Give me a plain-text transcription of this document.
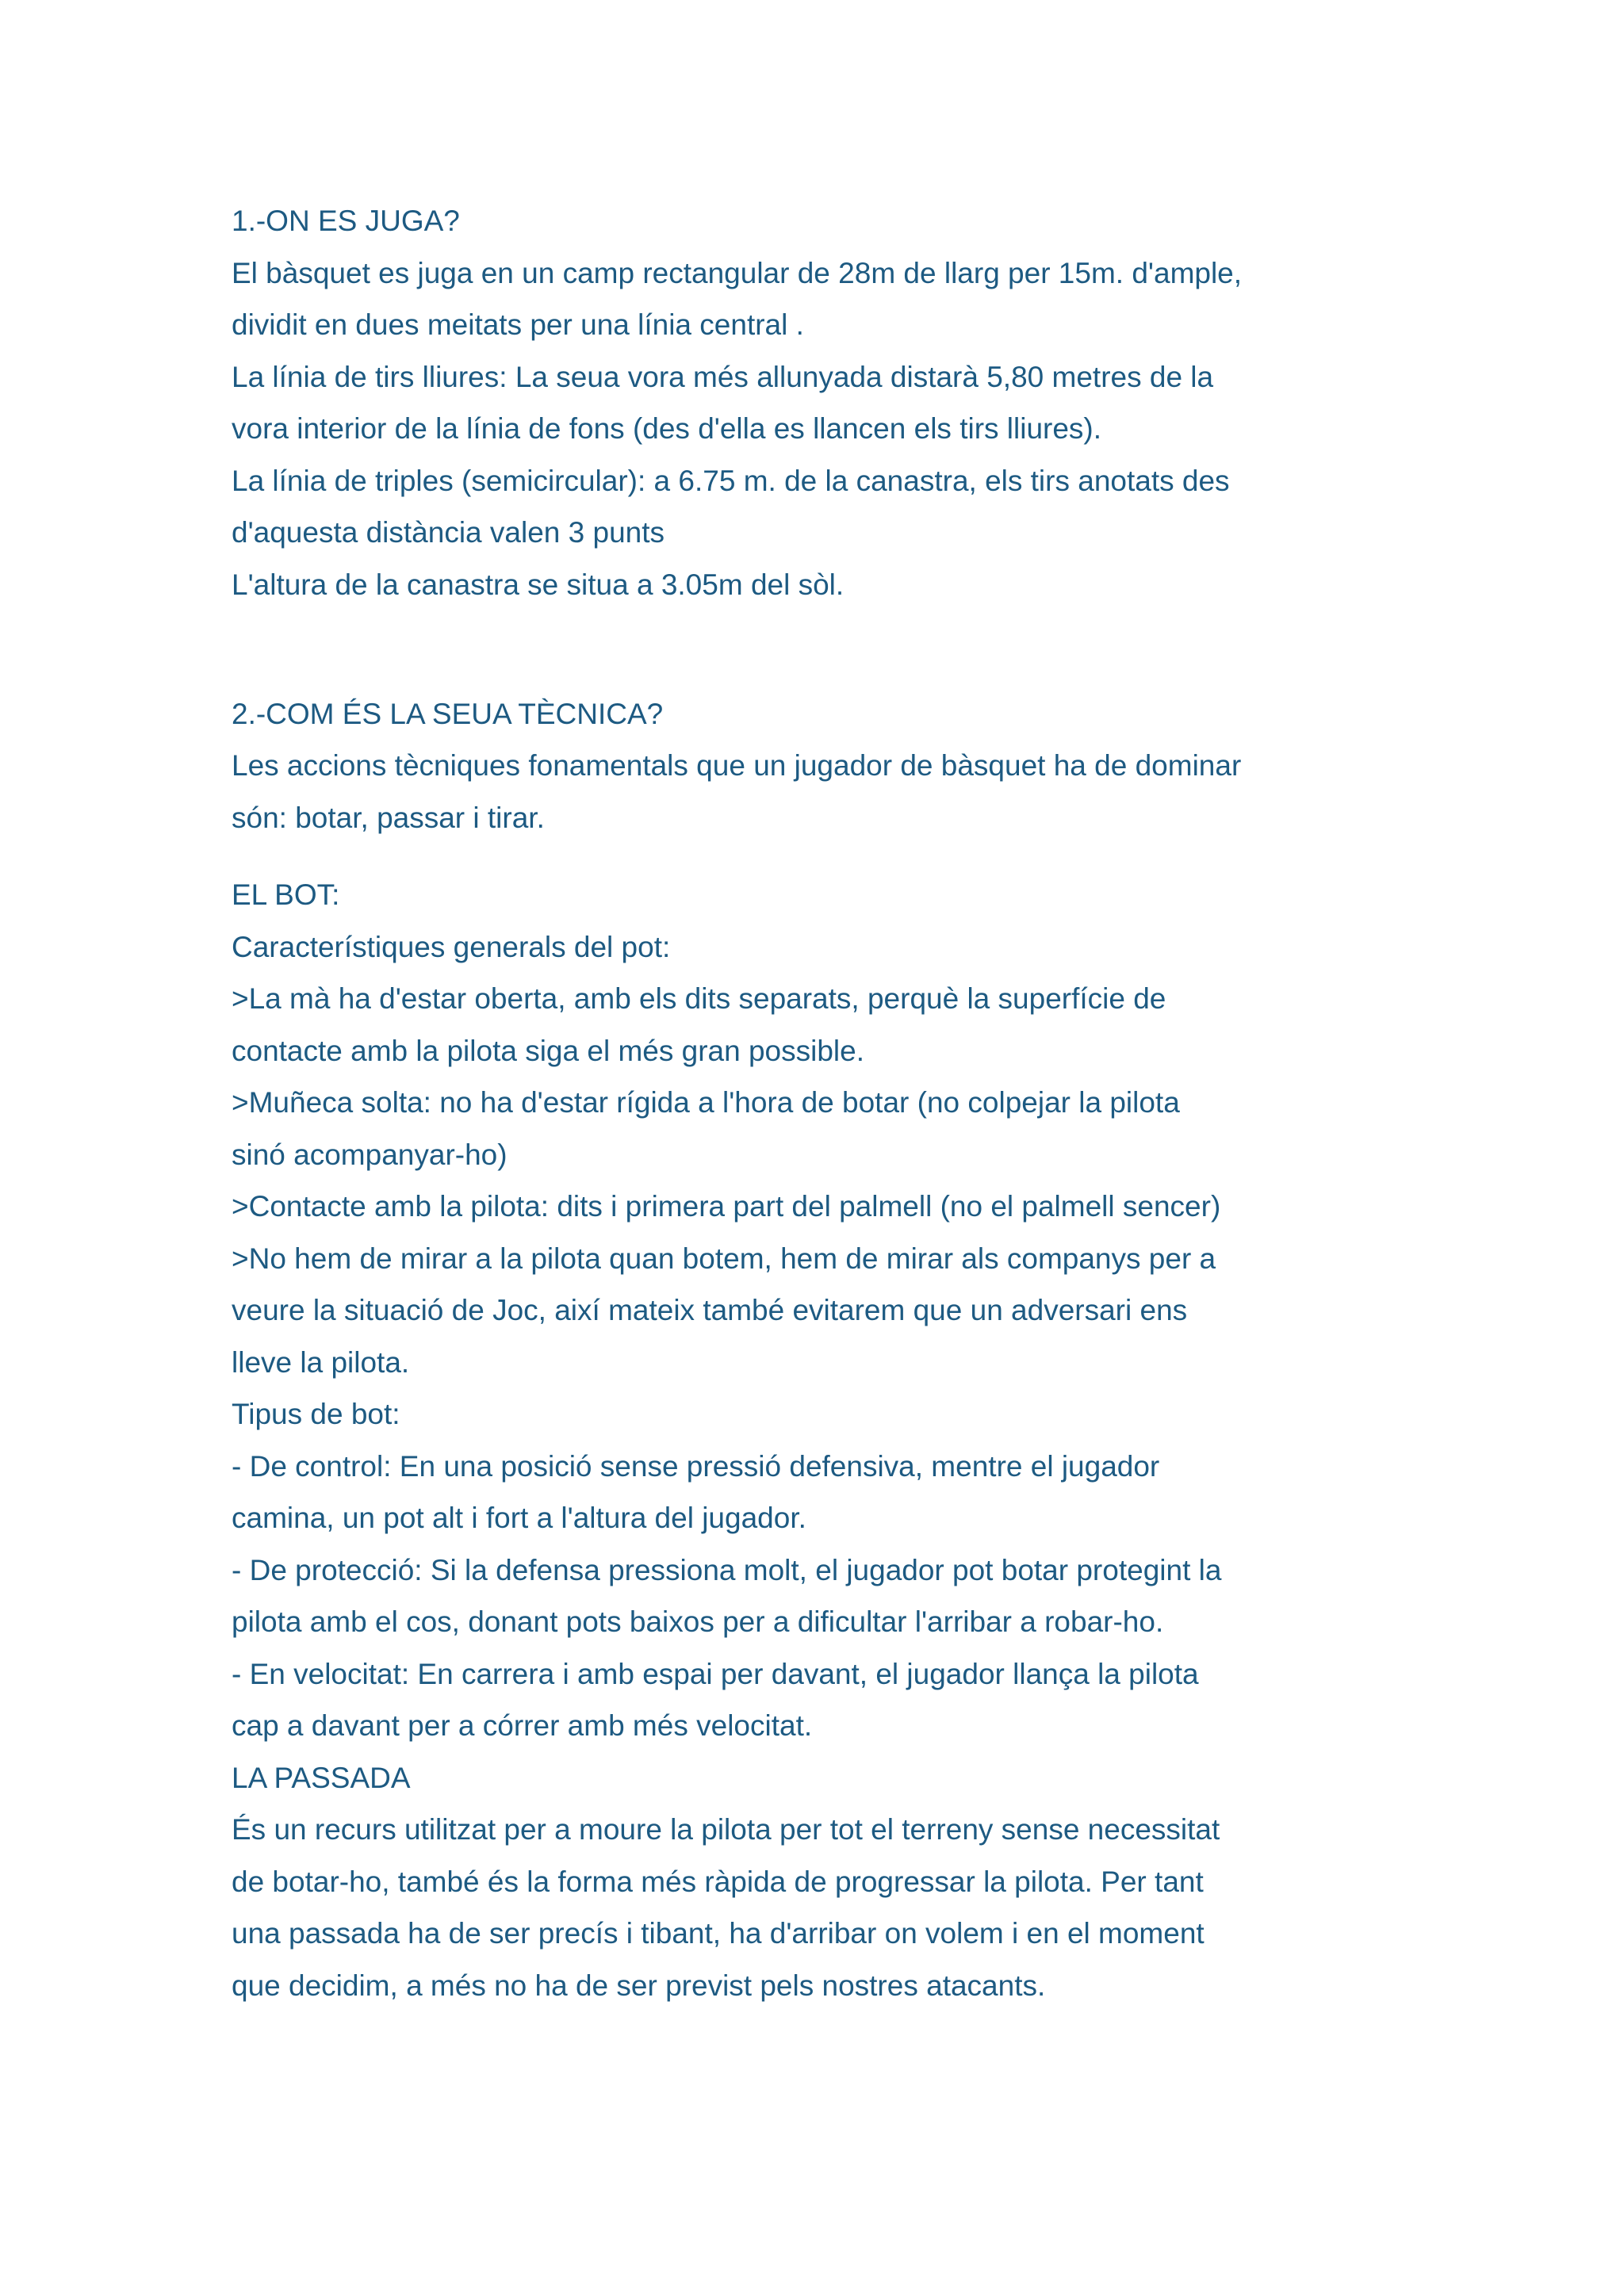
1.-ON ES JUGA?
El bàsquet es juga en un camp rectangular de 28m de llarg per 15m. d'ample,
dividit en dues meitats per una línia central .
La línia de tirs lliures: La seua vora més allunyada distarà 5,80 metres de la
vora interior de la línia de fons (des d'ella es llancen els tirs lliures).
La línia de triples (semicircular): a 6.75 m. de la canastra, els tirs anotats des
d'aquesta distància valen 3 punts
L'altura de la canastra se situa a 3.05m del sòl.
2.-COM ÉS LA SEUA TÈCNICA?
Les accions tècniques fonamentals que un jugador de bàsquet ha de dominar
són: botar, passar i tirar.
EL BOT:
Característiques generals del pot:
>La mà ha d'estar oberta, amb els dits separats, perquè la superfície de
contacte amb la pilota siga el més gran possible.
>Muñeca solta: no ha d'estar rígida a l'hora de botar (no colpejar la pilota
sinó acompanyar-ho)
>Contacte amb la pilota: dits i primera part del palmell (no el palmell sencer)
>No hem de mirar a la pilota quan botem, hem de mirar als companys per a
veure la situació de Joc, així mateix també evitarem que un adversari ens
lleve la pilota.
Tipus de bot:
- De control: En una posició sense pressió defensiva, mentre el jugador
camina, un pot alt i fort a l'altura del jugador.
- De protecció: Si la defensa pressiona molt, el jugador pot botar protegint la
pilota amb el cos, donant pots baixos per a dificultar l'arribar a robar-ho.
- En velocitat: En carrera i amb espai per davant, el jugador llança la pilota
cap a davant per a córrer amb més velocitat.
LA PASSADA
És un recurs utilitzat per a moure la pilota per tot el terreny sense necessitat
de botar-ho, també és la forma més ràpida de progressar la pilota. Per tant
una passada ha de ser precís i tibant, ha d'arribar on volem i en el moment
que decidim, a més no ha de ser previst pels nostres atacants.
